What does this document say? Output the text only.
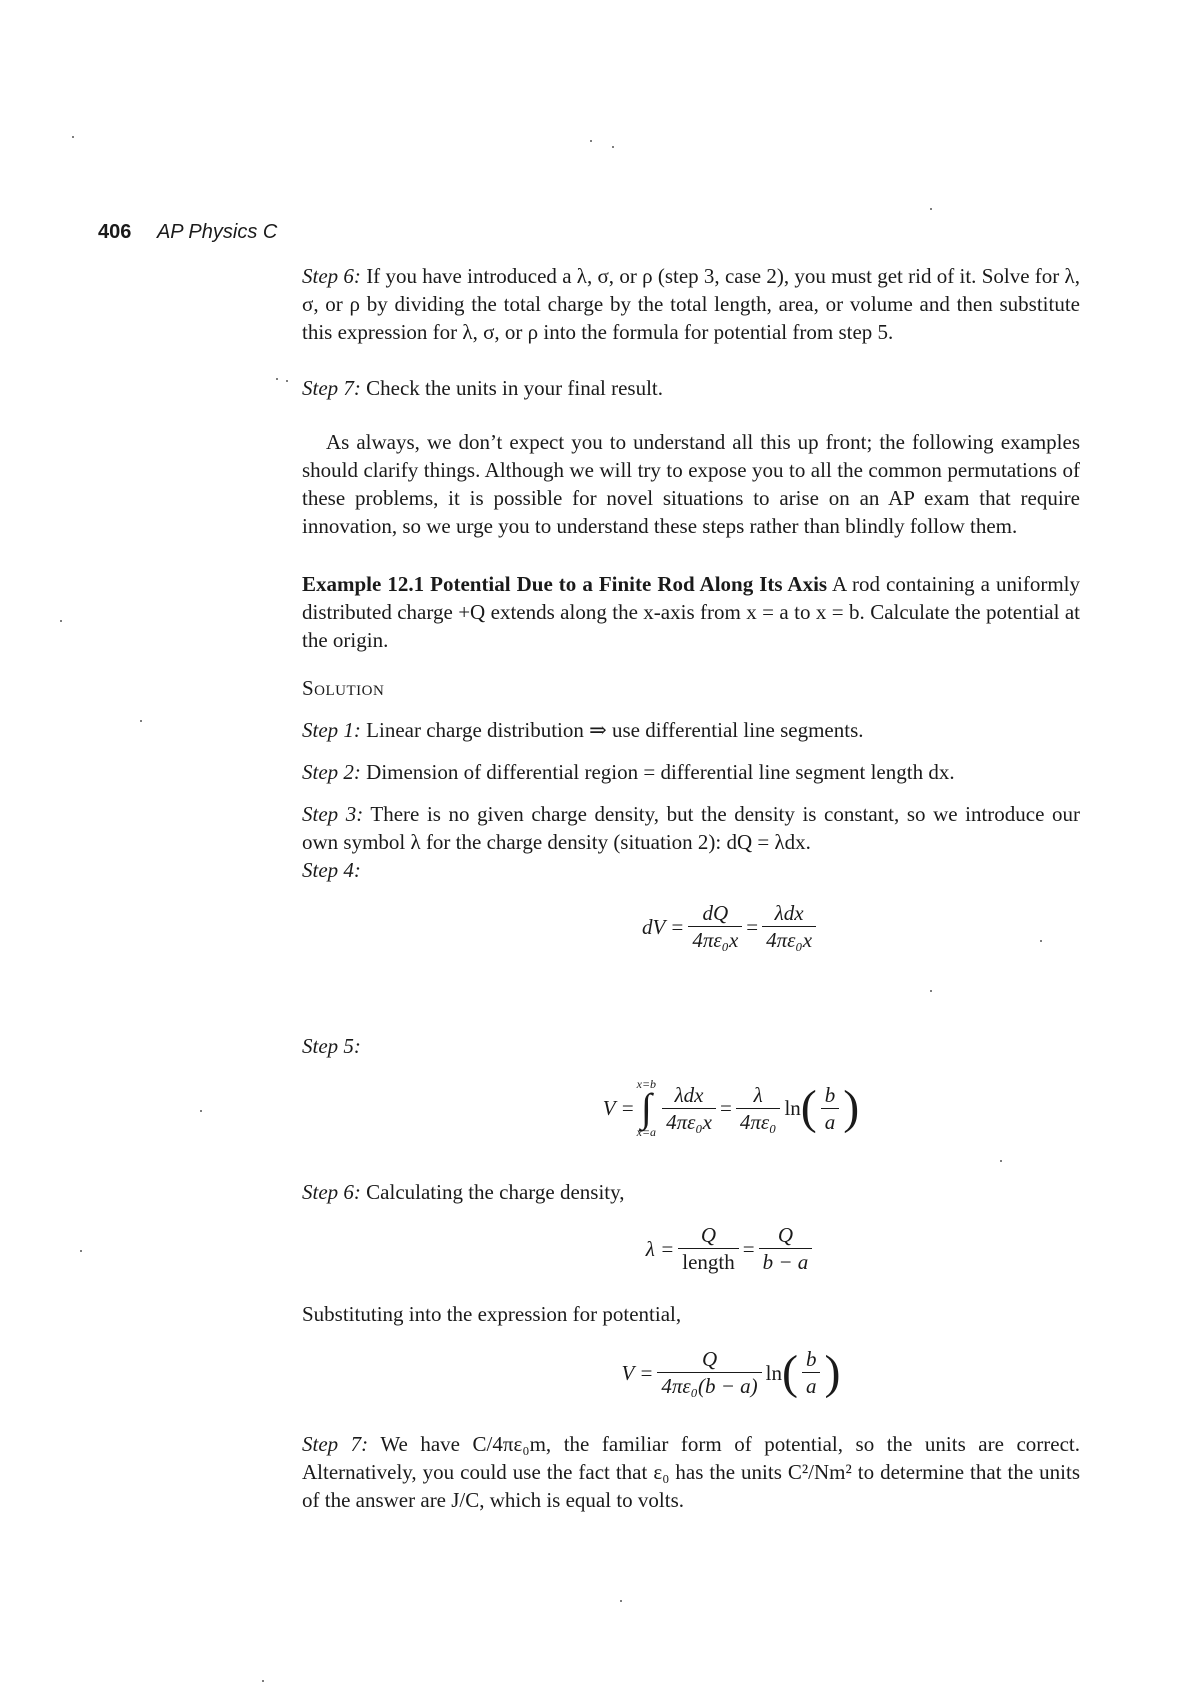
406 AP Physics C
Step 6: If you have introduced a λ, σ, or ρ (step 3, case 2), you must get rid of it. Solve for λ, σ, or ρ by dividing the total charge by the total length, area, or volume and then substitute this expression for λ, σ, or ρ into the formula for potential from step 5.
Step 7: Check the units in your final result.
As always, we don’t expect you to understand all this up front; the following examples should clarify things. Although we will try to expose you to all the common permutations of these problems, it is possible for novel situations to arise on an AP exam that require innovation, so we urge you to understand these steps rather than blindly follow them.
Example 12.1 Potential Due to a Finite Rod Along Its Axis A rod containing a uniformly distributed charge +Q extends along the x-axis from x = a to x = b. Calculate the potential at the origin.
Solution
Step 1: Linear charge distribution ⇒ use differential line segments.
Step 2: Dimension of differential region = differential line segment length dx.
Step 3: There is no given charge density, but the density is constant, so we introduce our own symbol λ for the charge density (situation 2): dQ = λdx.
Step 4:
dV = $\frac{dQ}{\text{4πε₀x}} = \frac{\text{λdx}}{\text{4πε₀x}}$
Step 5:
V =
x=b
∫
$x=a \frac{\text{λdx}}{\text{4πε₀x}} = \frac{\lambda}{\text{4πε₀}}$ ln ( $\frac{b}{a}$ )
Step 6: Calculating the charge density,
$\lambda = \frac{Q}{\text{length}} = \frac{Q}{b - a}$
Substituting into the expression for potential,
$V = \frac{Q}{\text{4πε₀(b − a)}}$ ln ( $\frac{b}{a}$ )
Step 7: We have C/4πε₀m, the familiar form of potential, so the units are correct. Alternatively, you could use the fact that ε₀ has the units C²/Nm² to determine that the units of the answer are J/C, which is equal to volts.
